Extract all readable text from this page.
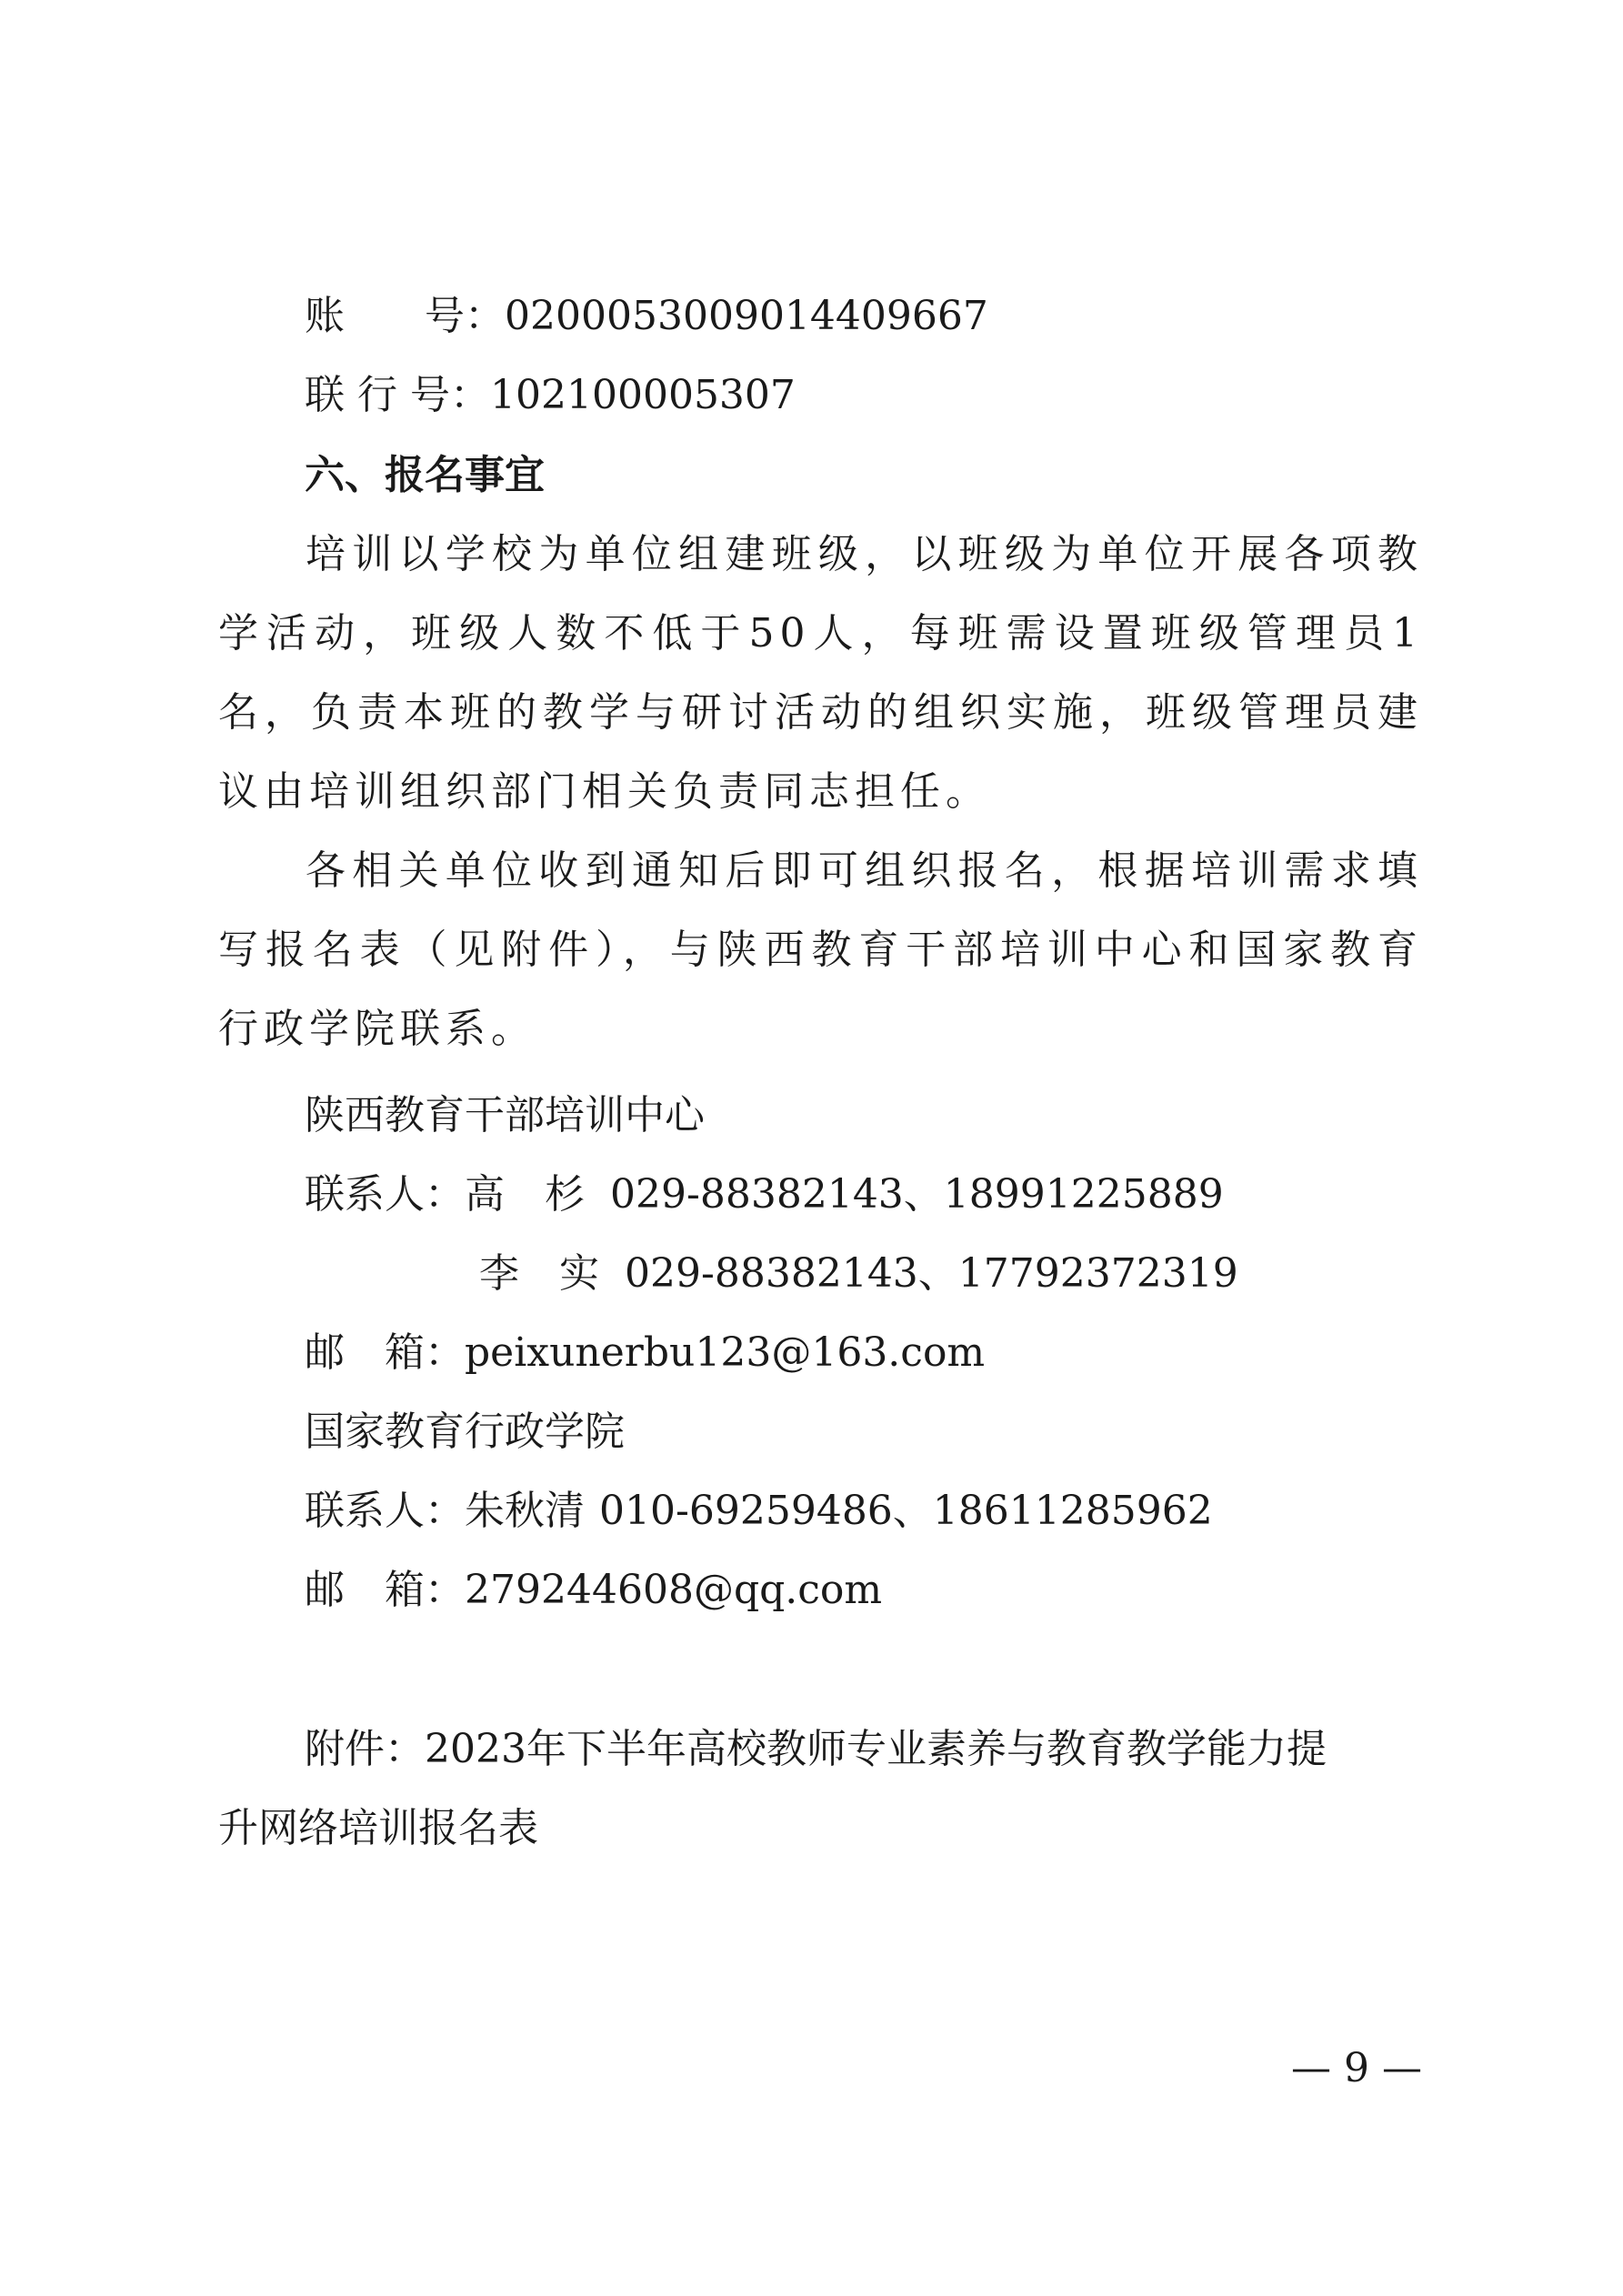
账　　号：0200053009014409667
联 行 号：102100005307
六、报名事宜
培训以学校为单位组建班级，以班级为单位开展各项教学活动，班级人数不低于50人，每班需设置班级管理员1名，负责本班的教学与研讨活动的组织实施，班级管理员建议由培训组织部门相关负责同志担任。
各相关单位收到通知后即可组织报名，根据培训需求填写报名表（见附件），与陕西教育干部培训中心和国家教育行政学院联系。
陕西教育干部培训中心
联系人：高　杉 029-88382143、18991225889
李　实 029-88382143、17792372319
邮　箱：peixunerbu123@163.com
国家教育行政学院
联系人：朱秋清 010-69259486、18611285962
邮　箱：279244608@qq.com
附件：2023年下半年高校教师专业素养与教育教学能力提
升网络培训报名表
— 9 —
